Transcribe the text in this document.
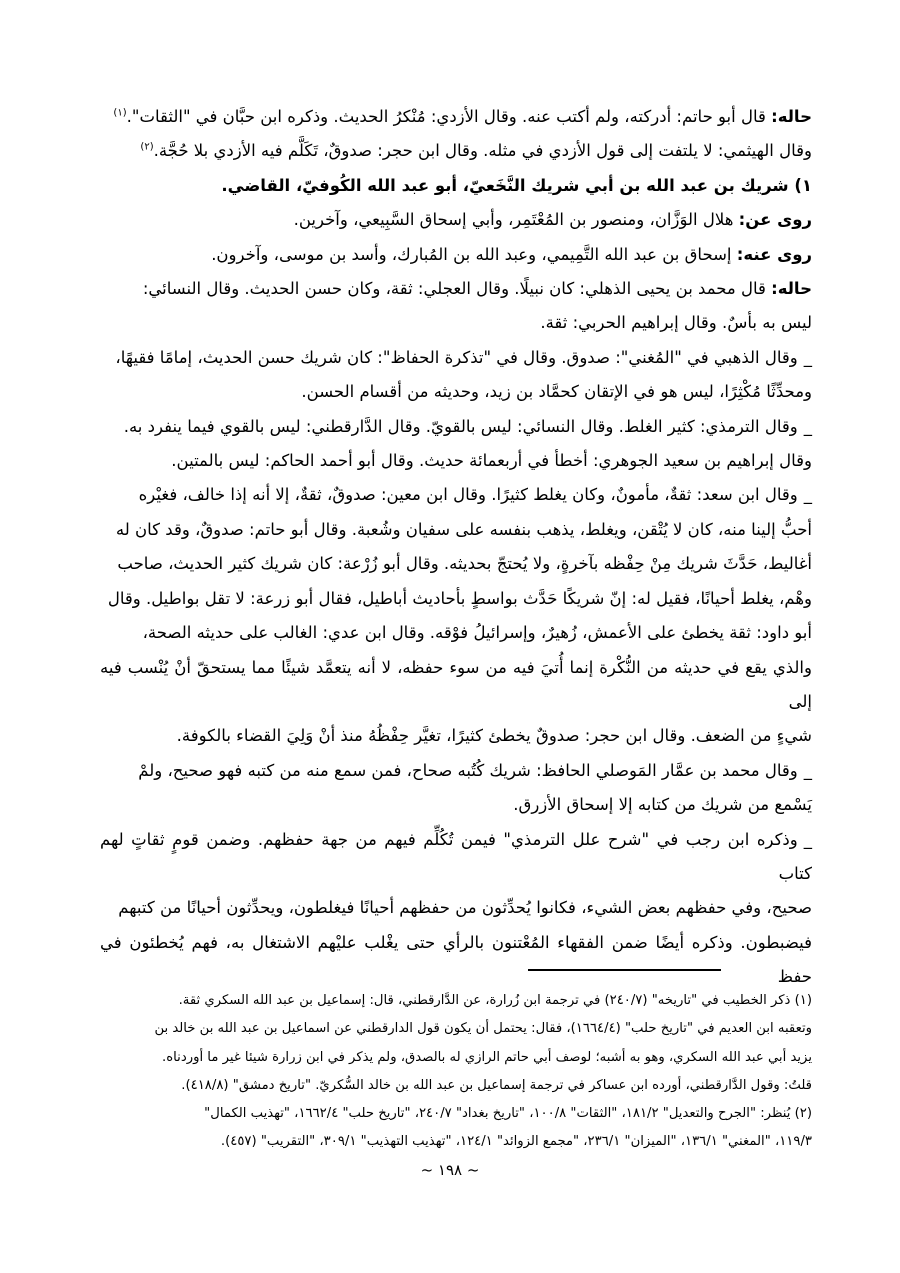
حاله: قال أبو حاتم: أدركته، ولم أكتب عنه. وقال الأزدي: مُنْكرُ الحديث. وذكره ابن حبَّان في "الثقات".$^{(١)}$

وقال الهيثمي: لا يلتفت إلى قول الأزدي في مثله. وقال ابن حجر: صدوقٌ، تَكَلَّم فيه الأزدي بلا حُجَّة.$^{(٢)}$

١) شريك بن عبد الله بن أبي شريك النَّخَعيّ، أبو عبد الله الكُوفيّ، القاضي.

روى عن: هلال الوَزَّان، ومنصور بن المُعْتَمِر، وأبي إسحاق السَّبِيعي، وآخرين.

روى عنه: إسحاق بن عبد الله التَّمِيمي، وعبد الله بن المُبارك، وأسد بن موسى، وآخرون.

حاله: قال محمد بن يحيى الذهلي: كان نبيلًا. وقال العجلي: ثقة، وكان حسن الحديث. وقال النسائي:

ليس به بأسٌ. وقال إبراهيم الحربي: ثقة.

_وقال الذهبي في "المُغني": صدوق. وقال في "تذكرة الحفاظ": كان شريك حسن الحديث، إمامًا فقيهًا،

ومحدِّثًا مُكْثِرًا، ليس هو في الإتقان كحمَّاد بن زيد، وحديثه من أقسام الحسن.

_وقال الترمذي: كثير الغلط. وقال النسائي: ليس بالقويّ. وقال الدَّارقطني: ليس بالقوي فيما ينفرد به.

وقال إبراهيم بن سعيد الجوهري: أخطأ في أربعمائة حديث. وقال أبو أحمد الحاكم: ليس بالمتين.

_وقال ابن سعد: ثقةٌ، مأمونٌ، وكان يغلط كثيرًا. وقال ابن معين: صدوقٌ، ثقةٌ، إلا أنه إذا خالف، فغيْره

أحبُّ إلينا منه، كان لا يُتْقن، ويغلط، يذهب بنفسه على سفيان وشُعبة. وقال أبو حاتم: صدوقٌ، وقد كان له

أغاليط، حَدَّثَ شريك مِنْ حِفْظه بآخرةٍ، ولا يُحتجّ بحديثه. وقال أبو زُرْعة: كان شريك كثير الحديث، صاحب

وهْم، يغلط أحيانًا، فقيل له: إنّ شريكًا حَدَّث بواسطٍ بأحاديث أباطيل، فقال أبو زرعة: لا تقل بواطيل. وقال

أبو داود: ثقة يخطئ على الأعمش، زُهيرٌ، وإسرائيلُ فوْقه. وقال ابن عدي: الغالب على حديثه الصحة،

والذي يقع في حديثه من النُّكْرة إنما أُتيَ فيه من سوء حفظه، لا أنه يتعمَّد شيئًا مما يستحقّ أنْ يُنْسب فيه إلى

شيءٍ من الضعف. وقال ابن حجر: صدوقٌ يخطئ كثيرًا، تغيَّر حِفْظُهُ منذ أنْ وَلِيَ القضاء بالكوفة.

_وقال محمد بن عمَّار المَوصلي الحافظ: شريك كُتُبه صحاح، فمن سمع منه من كتبه فهو صحيح، ولمْ

يَسْمع من شريك من كتابه إلا إسحاق الأزرق.

_وذكره ابن رجب في "شرح علل الترمذي" فيمن تُكُلِّم فيهم من جهة حفظهم. وضمن قومٍ ثقاتٍ لهم كتاب

صحيح، وفي حفظهم بعض الشيء، فكانوا يُحدِّثون من حفظهم أحيانًا فيغلطون، ويحدِّثون أحيانًا من كتبهم

فيضبطون. وذكره أيضًا ضمن الفقهاء المُعْتنون بالرأي حتى يغْلب عليْهم الاشتغال به، فهم يُخطئون في حفظ

(١) ذكر الخطيب في "تاريخه" (٢٤٠/٧) في ترجمة ابن زُرارة، عن الدَّارقطني، قال: إسماعيل بن عبد الله السكري ثقة.

وتعقبه ابن العديم في "تاريخ حلب" (١٦٦٤/٤)، فقال: يحتمل أن يكون قول الدارقطني عن اسماعيل بن عبد الله بن خالد بن

يزيد أبي عبد الله السكري، وهو به أشبه؛ لوصف أبي حاتم الرازي له بالصدق، ولم يذكر في ابن زرارة شيئا غير ما أوردناه.

قلتُ: وقول الدَّارقطني، أورده ابن عساكر في ترجمة إسماعيل بن عبد الله بن خالد السُّكريّ. "تاريخ دمشق" (٤١٨/٨).

(٢) يُنظر: "الجرح والتعديل" ١٨١/٢، "الثقات" ١٠٠/٨، "تاريخ بغداد" ٢٤٠/٧، "تاريخ حلب" ١٦٦٢/٤، "تهذيب الكمال"

١١٩/٣، "المغني" ١٣٦/١، "الميزان" ٢٣٦/١، "مجمع الزوائد" ١٢٤/١، "تهذيب التهذيب" ٣٠٩/١، "التقريب" (٤٥٧).

~ ١٩٨ ~
